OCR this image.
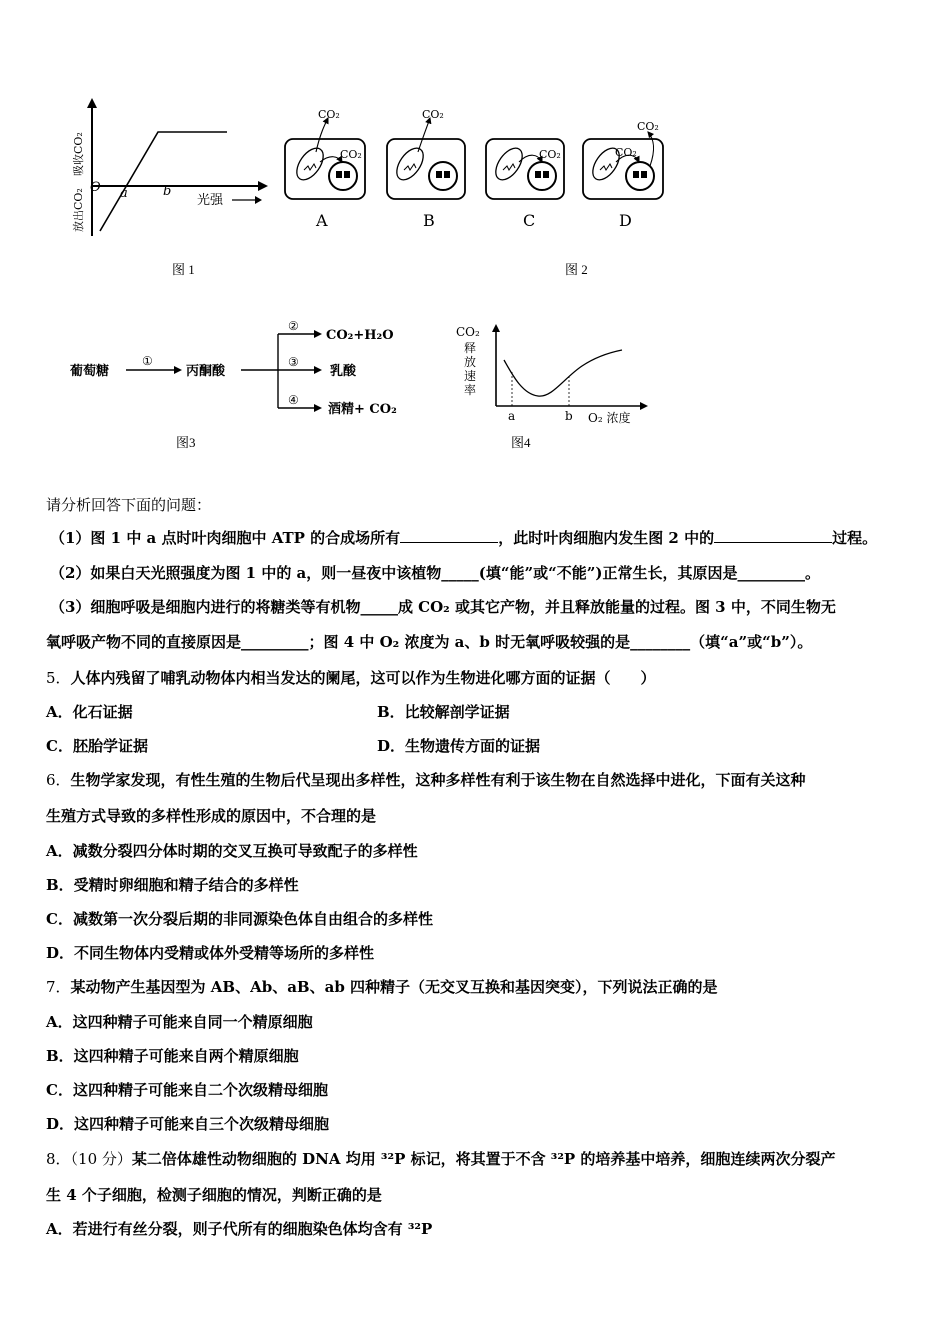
吸收CO₂
放出CO₂
O a	b
光强
图 1
CO₂
CO₂
A
CO₂
B
CO₂
C
CO₂
CO₂
D
图 2
葡萄糖
①
丙酮酸
②
③
④
CO₂+H₂O
乳酸
酒精+ CO₂
图3
CO₂
释
放
速
率
a	b O₂ 浓度
图4
请分析回答下面的问题：
（1）图 1 中 a 点时叶肉细胞中 ATP 的合成场所有	，此时叶肉细胞内发生图 2 中的	过程。
（2）如果白天光照强度为图 1 中的 a，则一昼夜中该植物_____(填“能”或“不能”)正常生长，其原因是_________。
（3）细胞呼吸是细胞内进行的将糖类等有机物_____成 CO₂ 或其它产物，并且释放能量的过程。图 3 中，不同生物无
氧呼吸产物不同的直接原因是_________；图 4 中 O₂ 浓度为 a、b 时无氧呼吸较强的是________（填“a”或“b”）。
5．人体内残留了哺乳动物体内相当发达的阑尾，这可以作为生物进化哪方面的证据（　　）
A．化石证据	B．比较解剖学证据
C．胚胎学证据	D．生物遗传方面的证据
6．生物学家发现，有性生殖的生物后代呈现出多样性，这种多样性有利于该生物在自然选择中进化，下面有关这种
生殖方式导致的多样性形成的原因中，不合理的是
A．减数分裂四分体时期的交叉互换可导致配子的多样性
B．受精时卵细胞和精子结合的多样性
C．减数第一次分裂后期的非同源染色体自由组合的多样性
D．不同生物体内受精或体外受精等场所的多样性
7．某动物产生基因型为 AB、Ab、aB、ab 四种精子（无交叉互换和基因突变），下列说法正确的是
A．这四种精子可能来自同一个精原细胞
B．这四种精子可能来自两个精原细胞
C．这四种精子可能来自二个次级精母细胞
D．这四种精子可能来自三个次级精母细胞
8．（10 分）某二倍体雄性动物细胞的 DNA 均用 ³²P 标记，将其置于不含 ³²P 的培养基中培养，细胞连续两次分裂产
生 4 个子细胞，检测子细胞的情况，判断正确的是
A．若进行有丝分裂，则子代所有的细胞染色体均含有 ³²P
